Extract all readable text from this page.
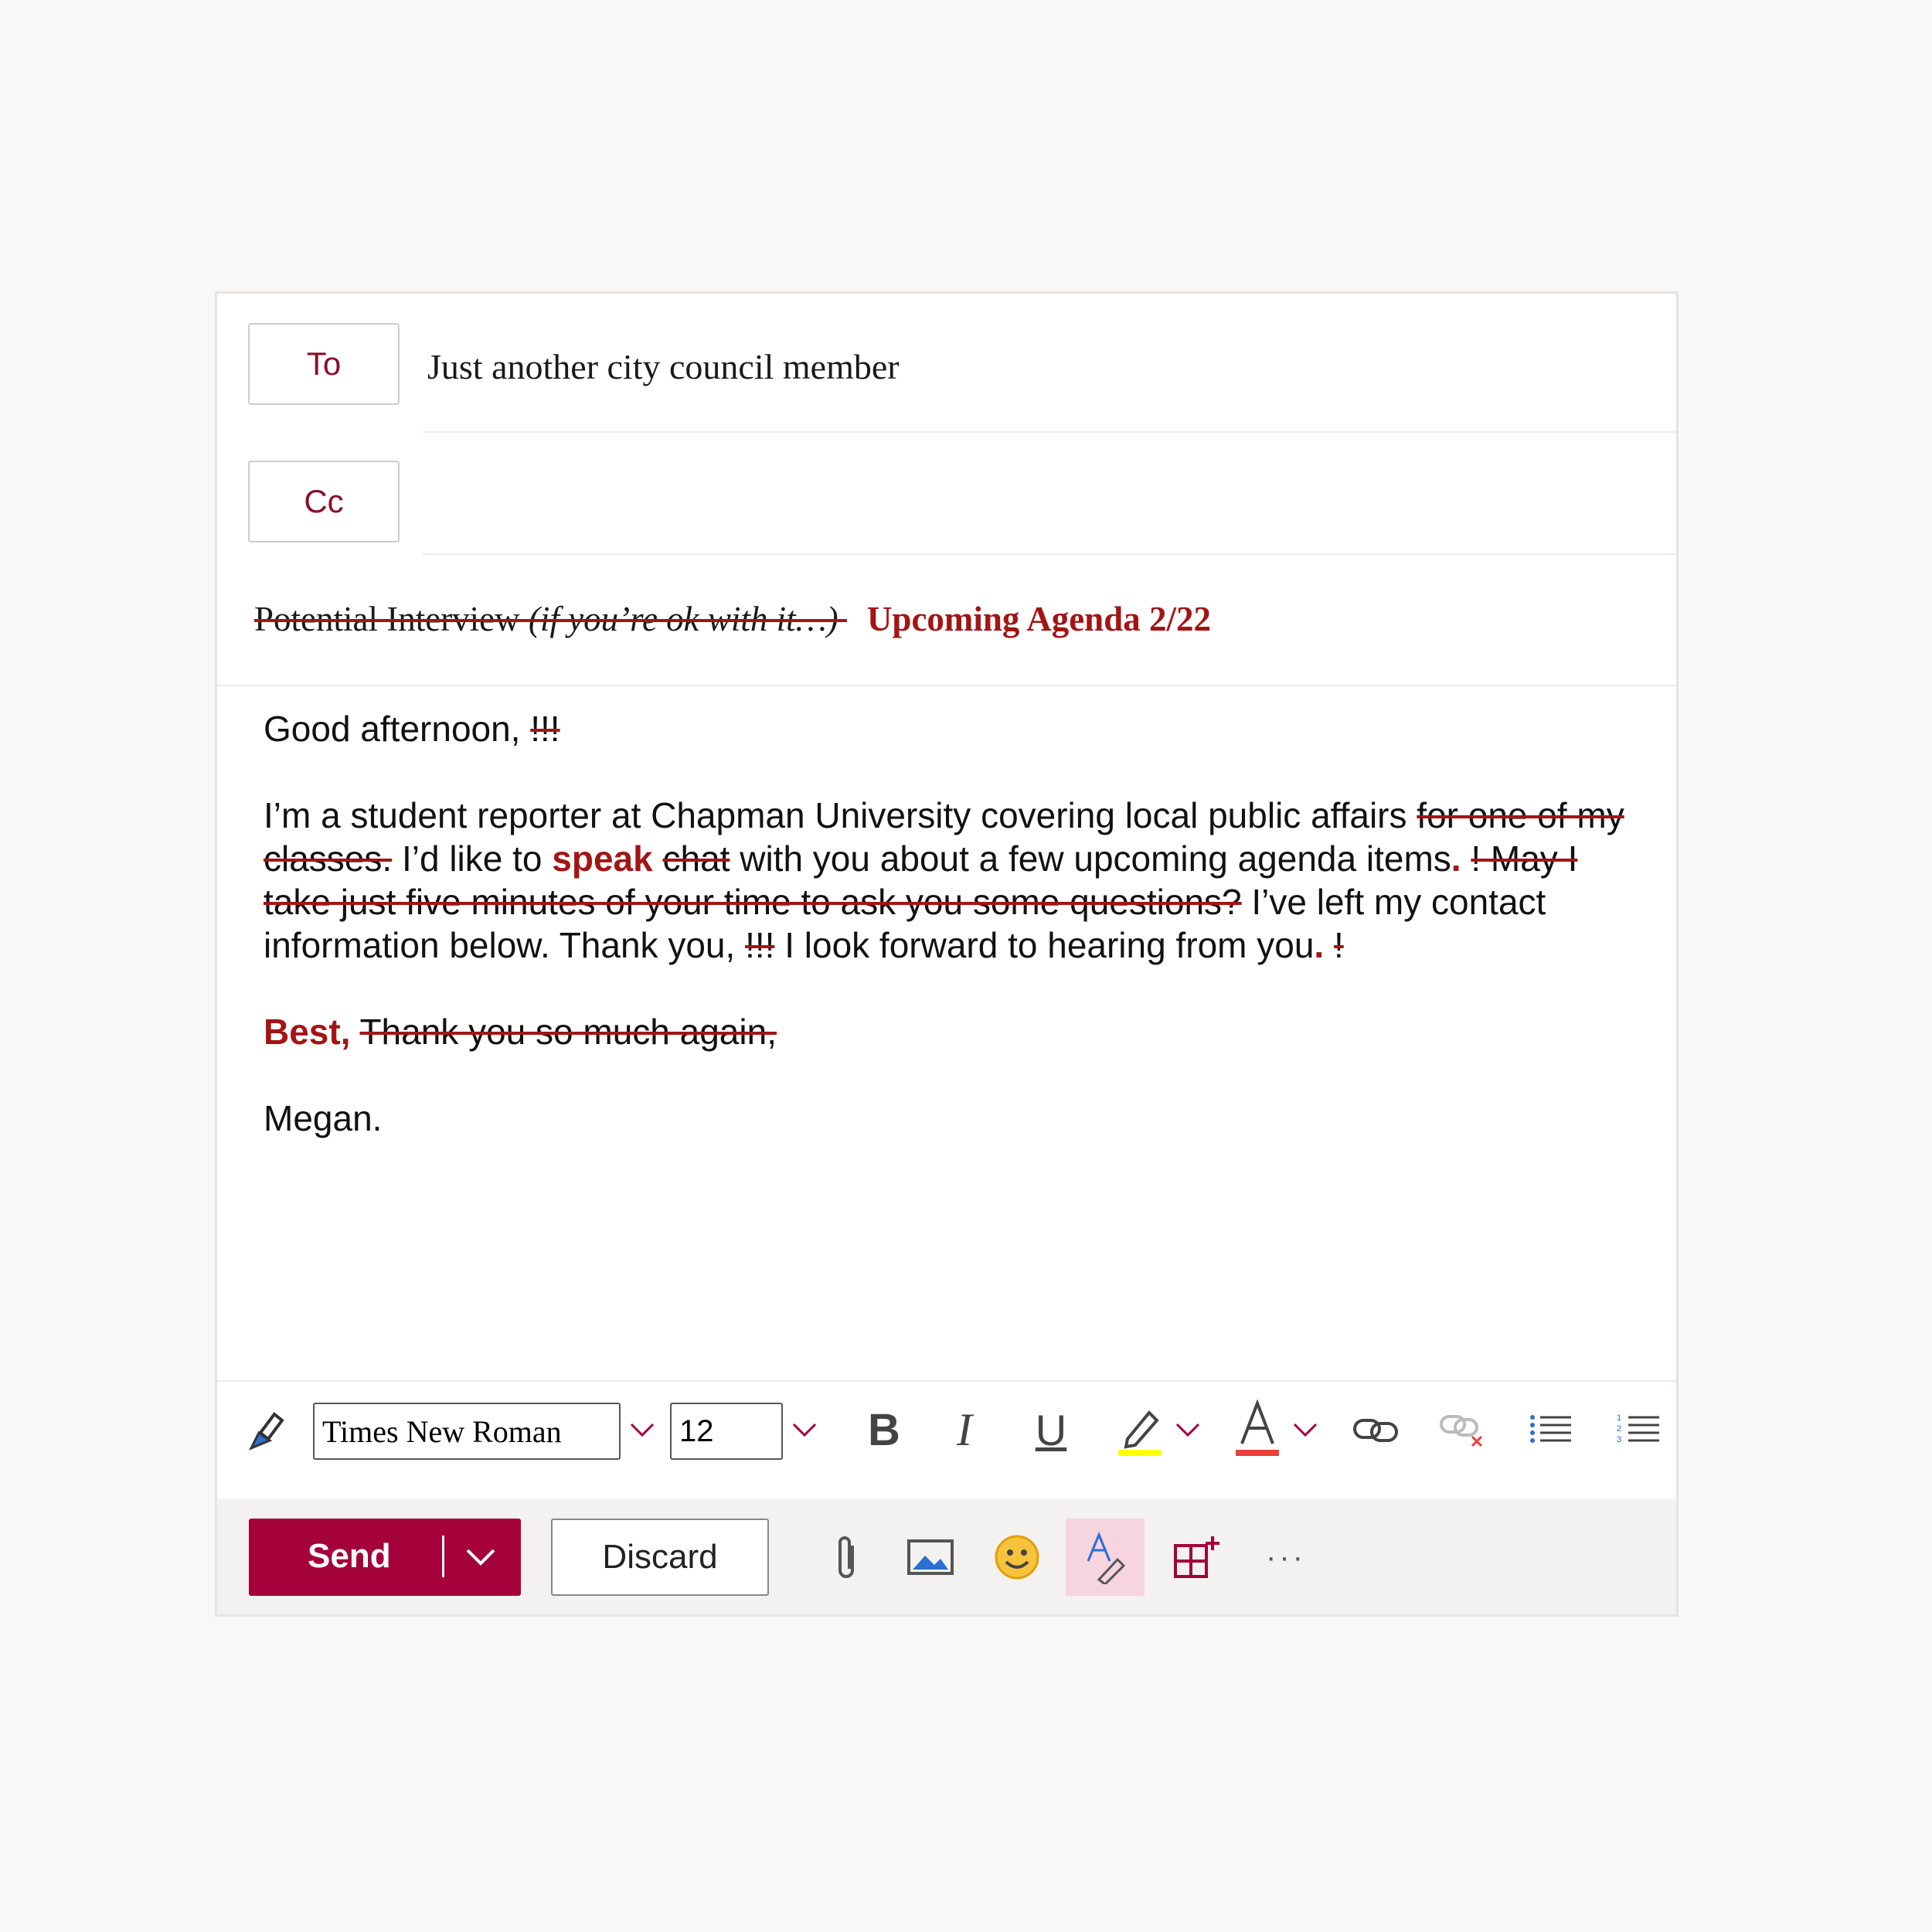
To	Just another city council member
Cc
Potential Interview (if you’re ok with it…) Upcoming Agenda 2/22

Good afternoon, !!!

I’m a student reporter at Chapman University covering local public affairs for one of my classes. I’d like to speak chat with you about a few upcoming agenda items. ! May I take just five minutes of your time to ask you some questions? I’ve left my contact information below. Thank you, !!! I look forward to hearing from you. !

Best, Thank you so much again,

Megan.

Times New Roman	12	B	I	U	1
2
3
Send	Discard	···
